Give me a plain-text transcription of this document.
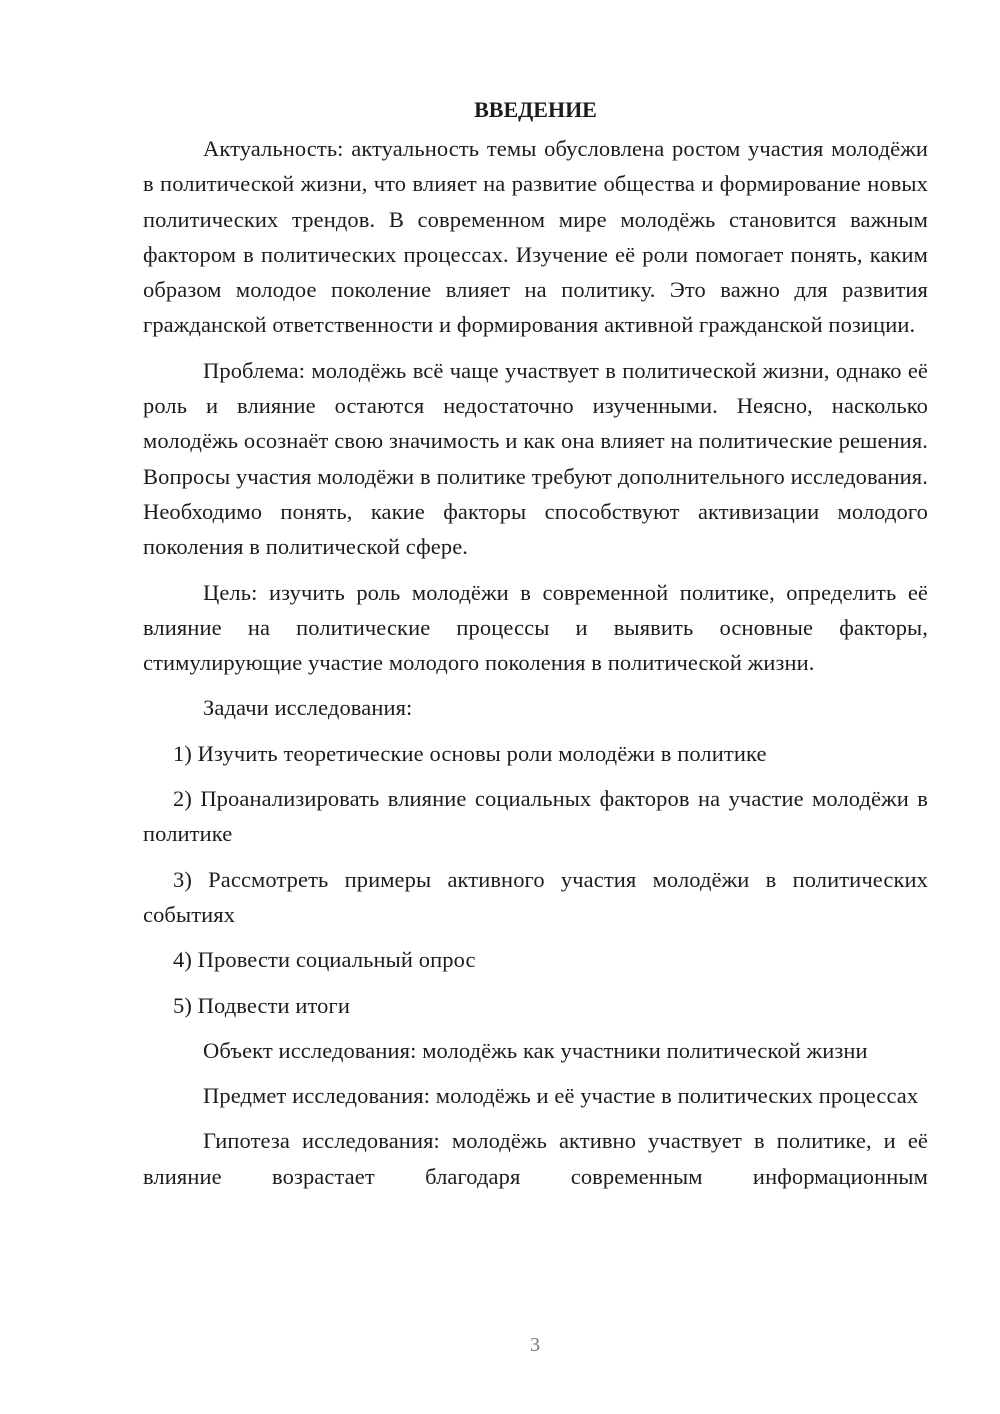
ВВЕДЕНИЕ

Актуальность: актуальность темы обусловлена ростом участия молодёжи в политической жизни, что влияет на развитие общества и формирование новых политических трендов. В современном мире молодёжь становится важным фактором в политических процессах. Изучение её роли помогает понять, каким образом молодое поколение влияет на политику. Это важно для развития гражданской ответственности и формирования активной гражданской позиции.

Проблема: молодёжь всё чаще участвует в политической жизни, однако её роль и влияние остаются недостаточно изученными. Неясно, насколько молодёжь осознаёт свою значимость и как она влияет на политические решения. Вопросы участия молодёжи в политике требуют дополнительного исследования. Необходимо понять, какие факторы способствуют активизации молодого поколения в политической сфере.

Цель: изучить роль молодёжи в современной политике, определить её влияние на политические процессы и выявить основные факторы, стимулирующие участие молодого поколения в политической жизни.

Задачи исследования:

1) Изучить теоретические основы роли молодёжи в политике

2) Проанализировать влияние социальных факторов на участие молодёжи в политике

3) Рассмотреть примеры активного участия молодёжи в политических событиях

4) Провести социальный опрос

5) Подвести итоги

Объект исследования: молодёжь как участники политической жизни

Предмет исследования: молодёжь и её участие в политических процессах

Гипотеза исследования: молодёжь активно участвует в политике, и её влияние возрастает благодаря современным информационным

3
